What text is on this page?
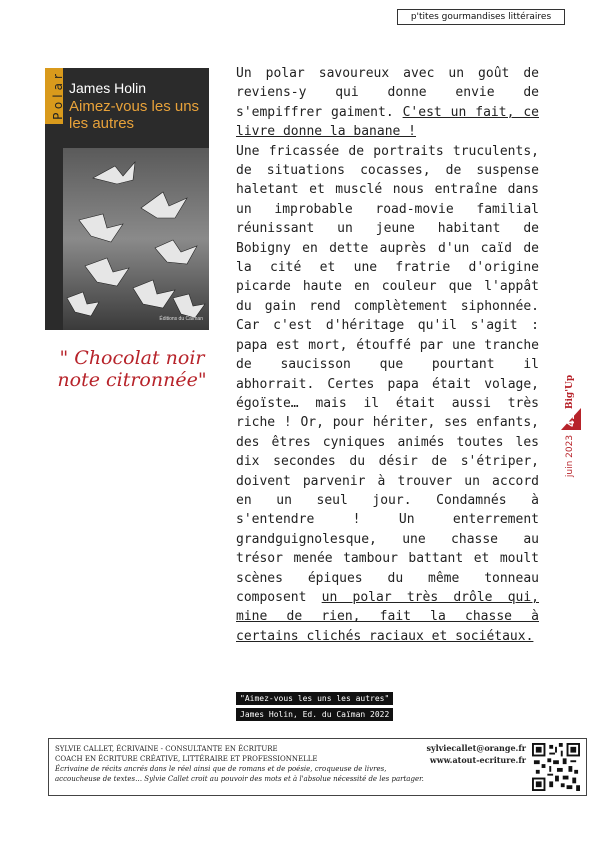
p'tites gourmandises littéraires
Polar James Holin
Aimez-vous les uns les autres
Éditions du Caïman
" Chocolat noir
note citronnée"

Un polar savoureux avec un goût de reviens-y qui donne envie de s'empiffrer gaiment. C'est un fait, ce livre donne la banane !

Une fricassée de portraits truculents, de situations cocasses, de suspense haletant et musclé nous entraîne dans un improbable road-movie familial réunissant un jeune habitant de Bobigny en dette auprès d'un caïd de la cité et une fratrie d'origine picarde haute en couleur que l'appât du gain rend complètement siphonnée. Car c'est d'héritage qu'il s'agit : papa est mort, étouffé par une tranche de saucisson que pourtant il abhorrait. Certes papa était volage, égoïste… mais il était aussi très riche ! Or, pour hériter, ses enfants, des êtres cyniques animés toutes les dix secondes du désir de s'étriper, doivent parvenir à trouver un accord en un seul jour. Condamnés à s'entendre ! Un enterrement grandguignolesque, une chasse au trésor menée tambour battant et moult scènes épiques du même tonneau composent un polar très drôle qui, mine de rien, fait la chasse à certains clichés raciaux et sociétaux.

"Aimez-vous les uns les autres"
James Holin, Ed. du Caïman 2022
Big'Up
41
juin 2023
SYLVIE CALLET, ÉCRIVAINE - CONSULTANTE EN ÉCRITURE
COACH EN ÉCRITURE CRÉATIVE, LITTÉRAIRE ET PROFESSIONNELLE
Écrivaine de récits ancrés dans le réel ainsi que de romans et de poésie, croqueuse de livres,
accoucheuse de textes… Sylvie Callet croit au pouvoir des mots et à l'absolue nécessité de les partager.
sylviecallet@orange.fr
www.atout-ecriture.fr
